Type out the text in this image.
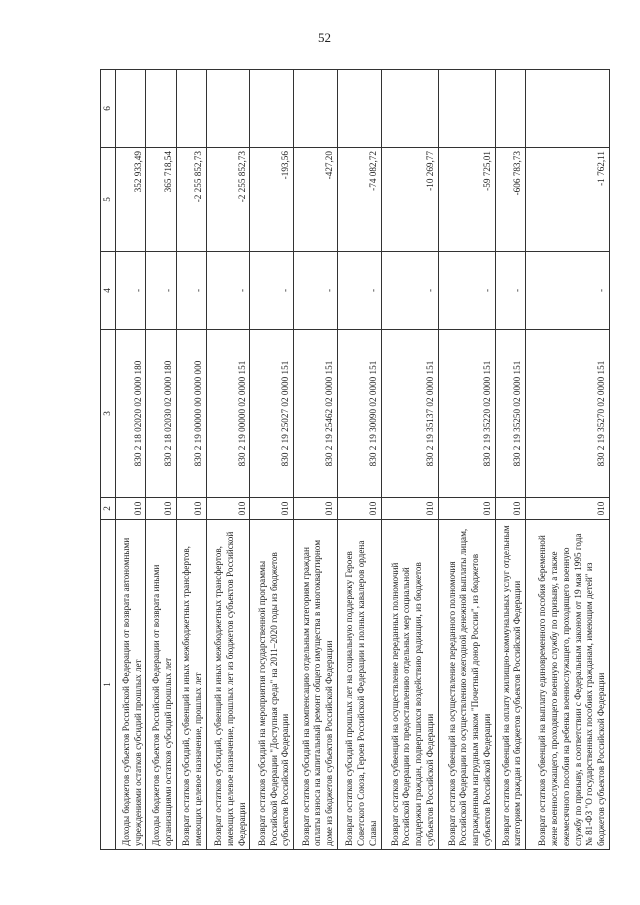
52
1	2	3	4	5	6
Доходы бюджетов субъектов Российской Федерации от возврата автономными учреждениями остатков субсидий прошлых лет	010	830 2 18 02020 02 0000 180	-	352 933,49	
Доходы бюджетов субъектов Российской Федерации от возврата иными организациями остатков субсидий прошлых лет	010	830 2 18 02030 02 0000 180	-	365 718,54	
Возврат остатков субсидий, субвенций и иных межбюджетных трансфертов, имеющих целевое назначение, прошлых лет	010	830 2 19 00000 00 0000 000	-	-2 255 852,73	
Возврат остатков субсидий, субвенций и иных межбюджетных трансфертов, имеющих целевое назначение, прошлых лет из бюджетов субъектов Российской Федерации	010	830 2 19 00000 02 0000 151	-	-2 255 852,73	
Возврат остатков субсидий на мероприятия государственной программы Российской Федерации "Доступная среда" на 2011–2020 годы из бюджетов субъектов Российской Федерации	010	830 2 19 25027 02 0000 151	-	-193,56	
Возврат остатков субсидий на компенсацию отдельным категориям граждан оплаты взноса на капитальный ремонт общего имущества в многоквартирном доме из бюджетов субъектов Российской Федерации	010	830 2 19 25462 02 0000 151	-	-427,20	
Возврат остатков субсидий прошлых лет на социальную поддержку Героев Советского Союза, Героев Российской Федерации и полных кавалеров ордена Славы	010	830 2 19 30090 02 0000 151	-	-74 082,72	
Возврат остатков субвенций на осуществление переданных полномочий Российской Федерации по предоставлению отдельных мер социальной поддержки граждан, подвергшихся воздействию радиации, из бюджетов субъектов Российской Федерации	010	830 2 19 35137 02 0000 151	-	-10 269,77	
Возврат остатков субвенций на осуществление переданного полномочия Российской Федерации по осуществлению ежегодной денежной выплаты лицам, награжденным нагрудным знаком "Почетный донор России", из бюджетов субъектов Российской Федерации	010	830 2 19 35220 02 0000 151	-	-59 725,01	
Возврат остатков субвенций на оплату жилищно-коммунальных услуг отдельным категориям граждан из бюджетов субъектов Российской Федерации	010	830 2 19 35250 02 0000 151	-	-606 783,73	
Возврат остатков субвенций на выплату единовременного пособия беременной жене военнослужащего, проходящего военную службу по призыву, а также ежемесячного пособия на ребенка военнослужащего, проходящего военную службу по призыву, в соответствии с Федеральным законом от 19 мая 1995 года № 81-ФЗ "О государственных пособиях гражданам, имеющим детей" из бюджетов субъектов Российской Федерации	010	830 2 19 35270 02 0000 151	-	-1 762,11	
